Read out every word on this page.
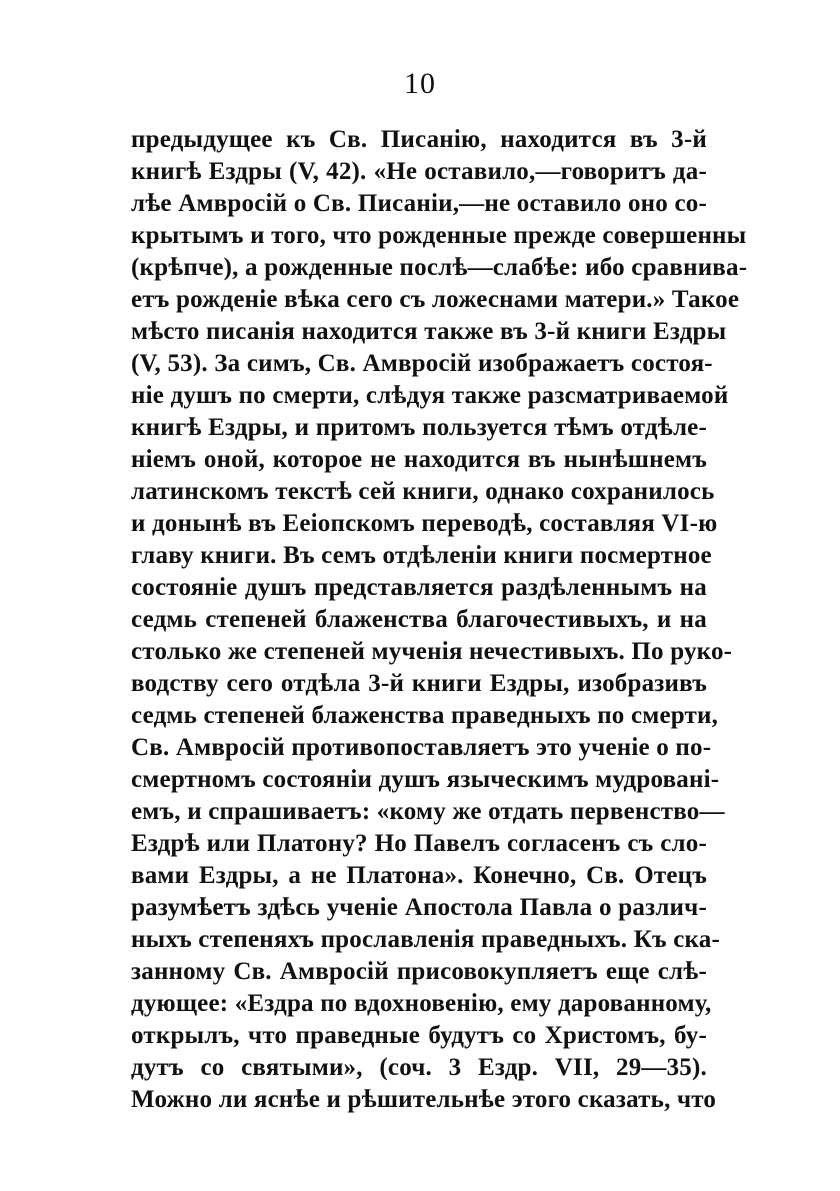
10
предыдущее къ Св. Писанію, находится въ 3-й
книгѣ Ездры (V, 42). «Не оставило,—говоритъ да-
лѣе Амвросій о Св. Писаніи,—не оставило оно со-
крытымъ и того, что рожденные прежде совершенны
(крѣпче), а рожденные послѣ—слабѣе: ибо сравнива-
етъ рожденіе вѣка сего съ ложеснами матери.» Такое
мѣсто писанія находится также въ 3-й книги Ездры
(V, 53). За симъ, Св. Амвросій изображаетъ состоя-
ніе душъ по смерти, слѣдуя также разсматриваемой
книгѣ Ездры, и притомъ пользуется тѣмъ отдѣле-
ніемъ оной, которое не находится въ нынѣшнемъ
латинскомъ текстѣ сей книги, однако сохранилось
и донынѣ въ Ееіопскомъ переводѣ, составляя VI-ю
главу книги. Въ семъ отдѣленіи книги посмертное
состояніе душъ представляется раздѣленнымъ на
седмь степеней блаженства благочестивыхъ, и на
столько же степеней мученія нечестивыхъ. По руко-
водству сего отдѣла 3-й книги Ездры, изобразивъ
седмь степеней блаженства праведныхъ по смерти,
Св. Амвросій противопоставляетъ это ученіе о по-
смертномъ состояніи душъ языческимъ мудровані-
емъ, и спрашиваетъ: «кому же отдать первенство—
Ездрѣ или Платону? Но Павелъ согласенъ съ сло-
вами Ездры, а не Платона». Конечно, Св. Отецъ
разумѣетъ здѣсь ученіе Апостола Павла о различ-
ныхъ степеняхъ прославленія праведныхъ. Къ ска-
занному Св. Амвросій присовокупляетъ еще слѣ-
дующее: «Ездра по вдохновенію, ему дарованному,
открылъ, что праведные будутъ со Христомъ, бу-
дутъ со святыми», (соч. 3 Ездр. VII, 29—35).
Можно ли яснѣе и рѣшительнѣе этого сказать, что
